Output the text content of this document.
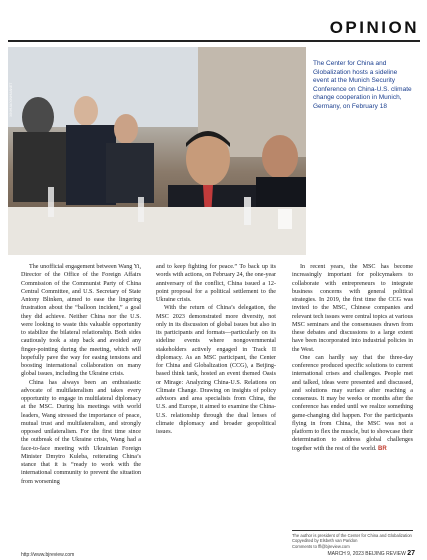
OPINION
XINHUA/XINHUANET
The Center for China and Globalization hosts a sideline event at the Munich Security Conference on China-U.S. climate change cooperation in Munich, Germany, on February 18

The unofficial engagement between Wang Yi, Director of the Office of the Foreign Affairs Commission of the Communist Party of China Central Committee, and U.S. Secretary of State Antony Blinken, aimed to ease the lingering frustration about the “balloon incident,” a goal they did achieve. Neither China nor the U.S. were looking to waste this valuable opportunity to stabilize the bilateral relationship. Both sides cautiously took a step back and avoided any finger-pointing during the meeting, which will hopefully pave the way for easing tensions and boosting international collaboration on many global issues, including the Ukraine crisis.

China has always been an enthusiastic advocate of multilateralism and takes every opportunity to engage in multilateral diplomacy at the MSC. During his meetings with world leaders, Wang stressed the importance of peace, mutual trust and multilateralism, and strongly opposed unilateralism. For the first time since the outbreak of the Ukraine crisis, Wang had a face-to-face meeting with Ukrainian Foreign Minister Dmytro Kuleba, reiterating China’s stance that it is “ready to work with the international community to prevent the situation from worsening

and to keep fighting for peace.” To back up its words with actions, on February 24, the one-year anniversary of the conflict, China issued a 12-point proposal for a political settlement to the Ukraine crisis.

With the return of China’s delegation, the MSC 2023 demonstrated more diversity, not only in its discussion of global issues but also in its participants and formats—particularly on its sideline events where nongovernmental stakeholders actively engaged in Track II diplomacy. As an MSC participant, the Center for China and Globalization (CCG), a Beijing-based think tank, hosted an event themed Oasis or Mirage: Analyzing China-U.S. Relations on Climate Change. Drawing on insights of policy advisors and area specialists from China, the U.S. and Europe, it aimed to examine the China-U.S. relationship through the dual lenses of climate diplomacy and broader geopolitical issues.

In recent years, the MSC has become increasingly important for policymakers to collaborate with entrepreneurs to integrate business concerns with general political strategies. In 2019, the first time the CCG was invited to the MSC, Chinese companies and relevant tech issues were central topics at various MSC seminars and the consensuses drawn from these debates and discussions to a large extent have been incorporated into industrial policies in the West.

One can hardly say that the three-day conference produced specific solutions to current international crises and challenges. People met and talked, ideas were presented and discussed, and solutions may surface after reaching a consensus. It may be weeks or months after the conference has ended until we realize something game-changing did happen. For the participants flying in from China, the MSC was not a platform to flex the muscle, but to showcase their determination to address global challenges together with the rest of the world. BR

The author is president of the Center for China and Globalization
Copyedited by Elsbeth van Paridon
Comments to ffl@bjreview.com
http://www.bjreview.com	MARCH 9, 2023 BEIJING REVIEW 27
